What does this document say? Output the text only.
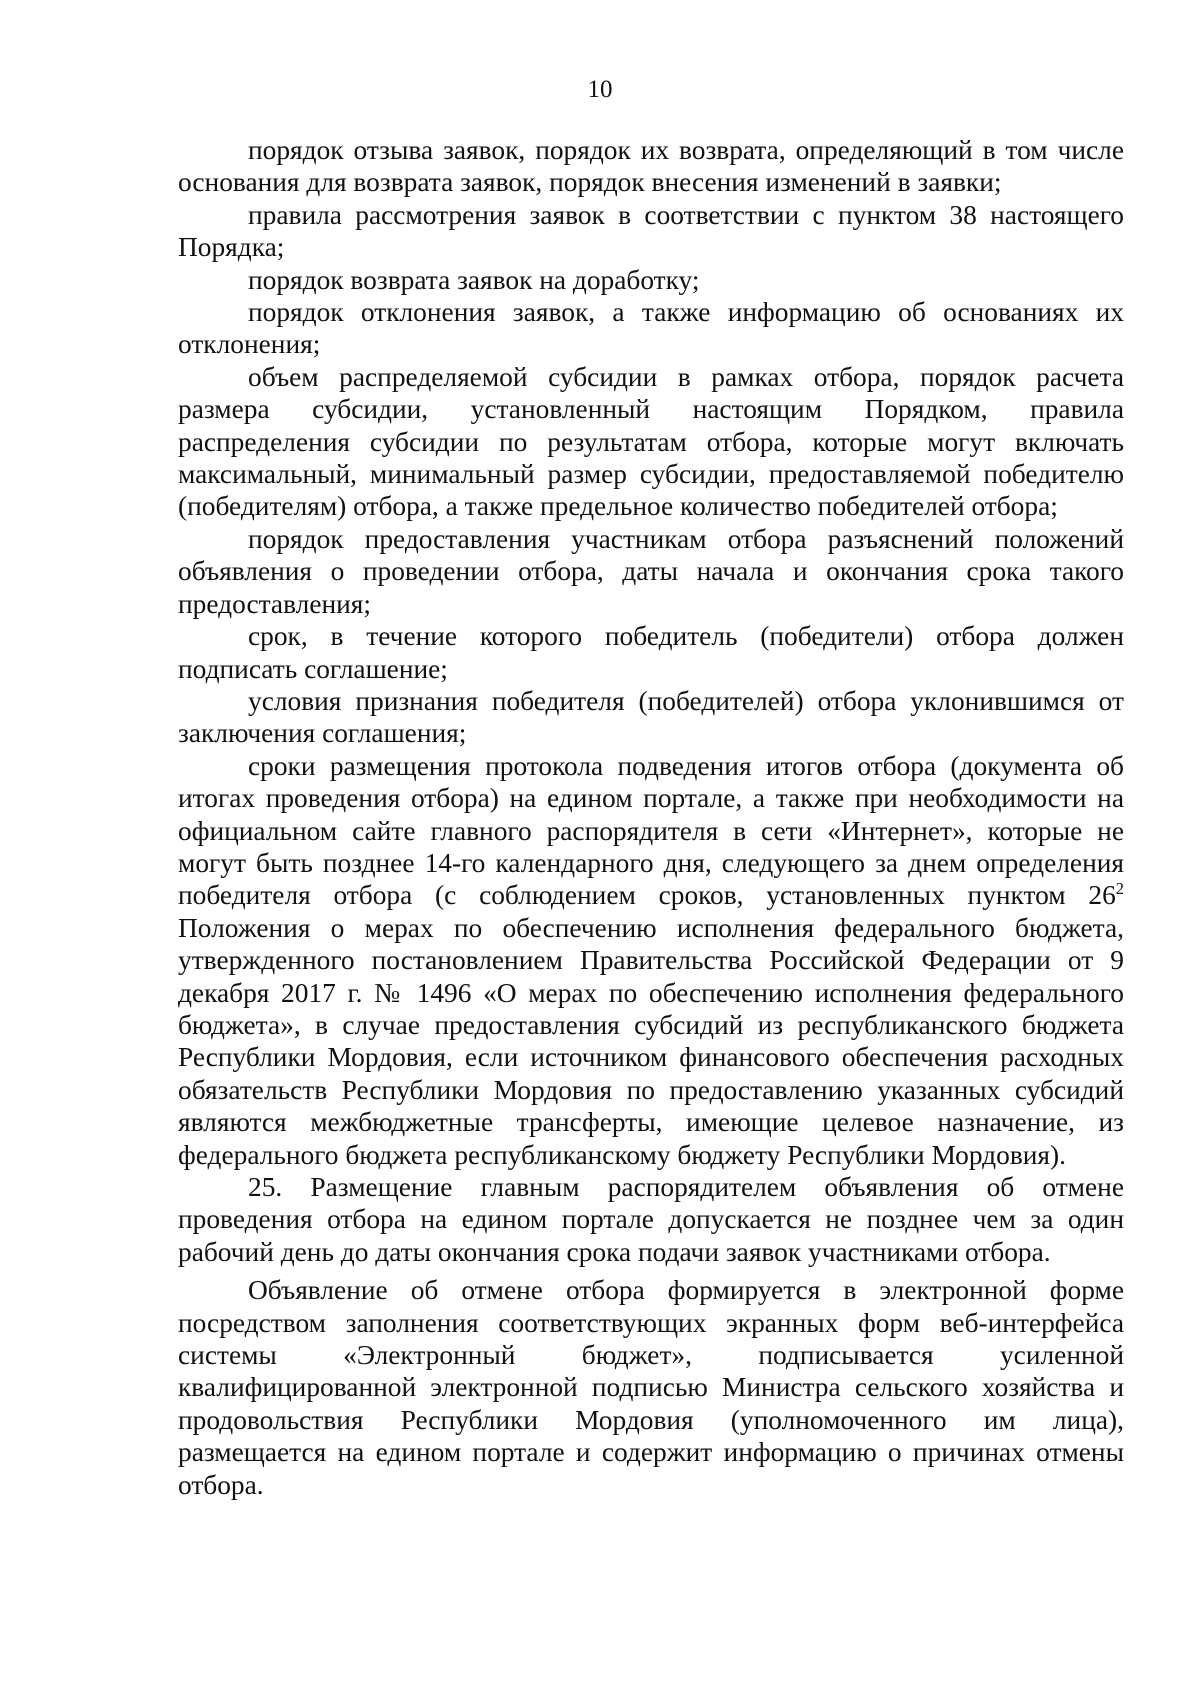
10

порядок отзыва заявок, порядок их возврата, определяющий в том числе основания для возврата заявок, порядок внесения изменений в заявки;

правила рассмотрения заявок в соответствии с пунктом 38 настоящего Порядка;

порядок возврата заявок на доработку;

порядок отклонения заявок, а также информацию об основаниях их отклонения;

объем распределяемой субсидии в рамках отбора, порядок расчета размера субсидии, установленный настоящим Порядком, правила распределения субсидии по результатам отбора, которые могут включать максимальный, минимальный размер субсидии, предоставляемой победителю (победителям) отбора, а также предельное количество победителей отбора;

порядок предоставления участникам отбора разъяснений положений объявления о проведении отбора, даты начала и окончания срока такого предоставления;

срок, в течение которого победитель (победители) отбора должен подписать соглашение;

условия признания победителя (победителей) отбора уклонившимся от заключения соглашения;

сроки размещения протокола подведения итогов отбора (документа об итогах проведения отбора) на едином портале, а также при необходимости на официальном сайте главного распорядителя в сети «Интернет», которые не могут быть позднее 14-го календарного дня, следующего за днем определения победителя отбора (с соблюдением сроков, установленных пунктом $26^2$ Положения о мерах по обеспечению исполнения федерального бюджета, утвержденного постановлением Правительства Российской Федерации от 9 декабря 2017 г. № 1496 «О мерах по обеспечению исполнения федерального бюджета», в случае предоставления субсидий из республиканского бюджета Республики Мордовия, если источником финансового обеспечения расходных обязательств Республики Мордовия по предоставлению указанных субсидий являются межбюджетные трансферты, имеющие целевое назначение, из федерального бюджета республиканскому бюджету Республики Мордовия).

25. Размещение главным распорядителем объявления об отмене проведения отбора на едином портале допускается не позднее чем за один рабочий день до даты окончания срока подачи заявок участниками отбора.

Объявление об отмене отбора формируется в электронной форме посредством заполнения соответствующих экранных форм веб-интерфейса системы «Электронный бюджет», подписывается усиленной квалифицированной электронной подписью Министра сельского хозяйства и продовольствия Республики Мордовия (уполномоченного им лица), размещается на едином портале и содержит информацию о причинах отмены отбора.
